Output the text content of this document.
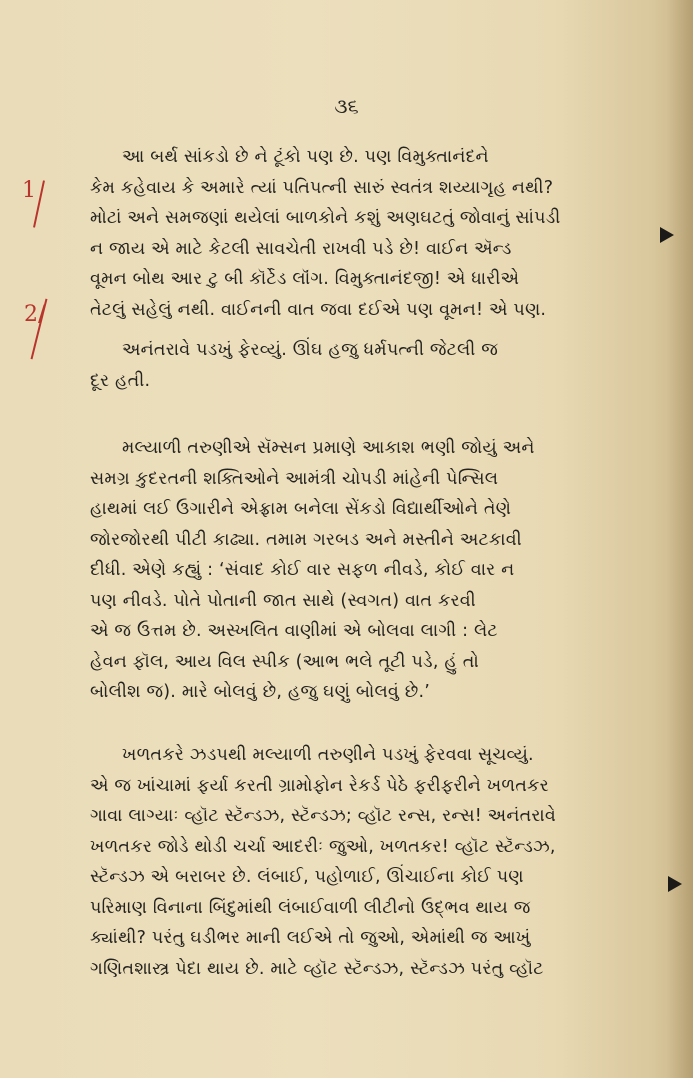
૩૬
1
2/
આ બર્થ સાંકડો છે ને ટૂંકો પણ છે. પણ વિમુક્તાનંદને
કેમ કહેવાય કે અમારે ત્યાં પતિપત્ની સારું સ્વતંત્ર શય્યાગૃહ નથી?
મોટાં અને સમજણાં થયેલાં બાળકોને કશું અણઘટતું જોવાનું સાંપડી
ન જાય એ માટે કેટલી સાવચેતી રાખવી પડે છે! વાઈન ઍન્ડ
વૂમન બોથ આર ટુ બી કૉર્ટેડ લૉંગ. વિમુક્તાનંદજી! એ ધારીએ
તેટલું સહેલું નથી. વાઈનની વાત જવા દઈએ પણ વૂમન! એ પણ.
અનંતરાવે પડખું ફેરવ્યું. ઊંઘ હજુ ધર્મપત્ની જેટલી જ
દૂર હતી.
મલ્યાળી તરુણીએ સૅમ્સન પ્રમાણે આકાશ ભણી જોયું અને
સમગ્ર કુદરતની શક્તિઓને આમંત્રી ચોપડી માંહેની પેન્સિલ
હાથમાં લઈ ઉગારીને એફ્રામ બનેલા સેંકડો વિદ્યાર્થીઓને તેણે
જોરજોરથી પીટી કાઢ્યા. તમામ ગરબડ અને મસ્તીને અટકાવી
દીધી. એણે કહ્યું : ‘સંવાદ કોઈ વાર સફળ નીવડે, કોઈ વાર ન
પણ નીવડે. પોતે પોતાની જાત સાથે (સ્વગત) વાત કરવી
એ જ ઉત્તમ છે. અસ્ખલિત વાણીમાં એ બોલવા લાગી : લેટ
હેવન ફૉલ, આય વિલ સ્પીક (આભ ભલે તૂટી પડે, હું તો
બોલીશ જ). મારે બોલવું છે, હજુ ઘણું બોલવું છે.’
ખળતકરે ઝડપથી મલ્યાળી તરુણીને પડખું ફેરવવા સૂચવ્યું.
એ જ ખાંચામાં ફર્યા કરતી ગ્રામોફોન રેકર્ડ પેઠે ફરીફરીને ખળતકર
ગાવા લાગ્યાઃ વ્હૉટ સ્ટૅન્ડઝ, સ્ટૅન્ડઝ; વ્હૉટ રન્સ, રન્સ! અનંતરાવે
ખળતકર જોડે થોડી ચર્ચા આદરીઃ જુઓ, ખળતકર! વ્હૉટ સ્ટૅન્ડઝ,
સ્ટૅન્ડઝ એ બરાબર છે. લંબાઈ, પહોળાઈ, ઊંચાઈના કોઈ પણ
પરિમાણ વિનાના બિંદુમાંથી લંબાઈવાળી લીટીનો ઉદ્ભવ થાય જ
ક્યાંથી? પરંતુ ઘડીભર માની લઈએ તો જુઓ, એમાંથી જ આખું
ગણિતશાસ્ત્ર પેદા થાય છે. માટે વ્હૉટ સ્ટૅન્ડઝ, સ્ટૅન્ડઝ પરંતુ વ્હૉટ
